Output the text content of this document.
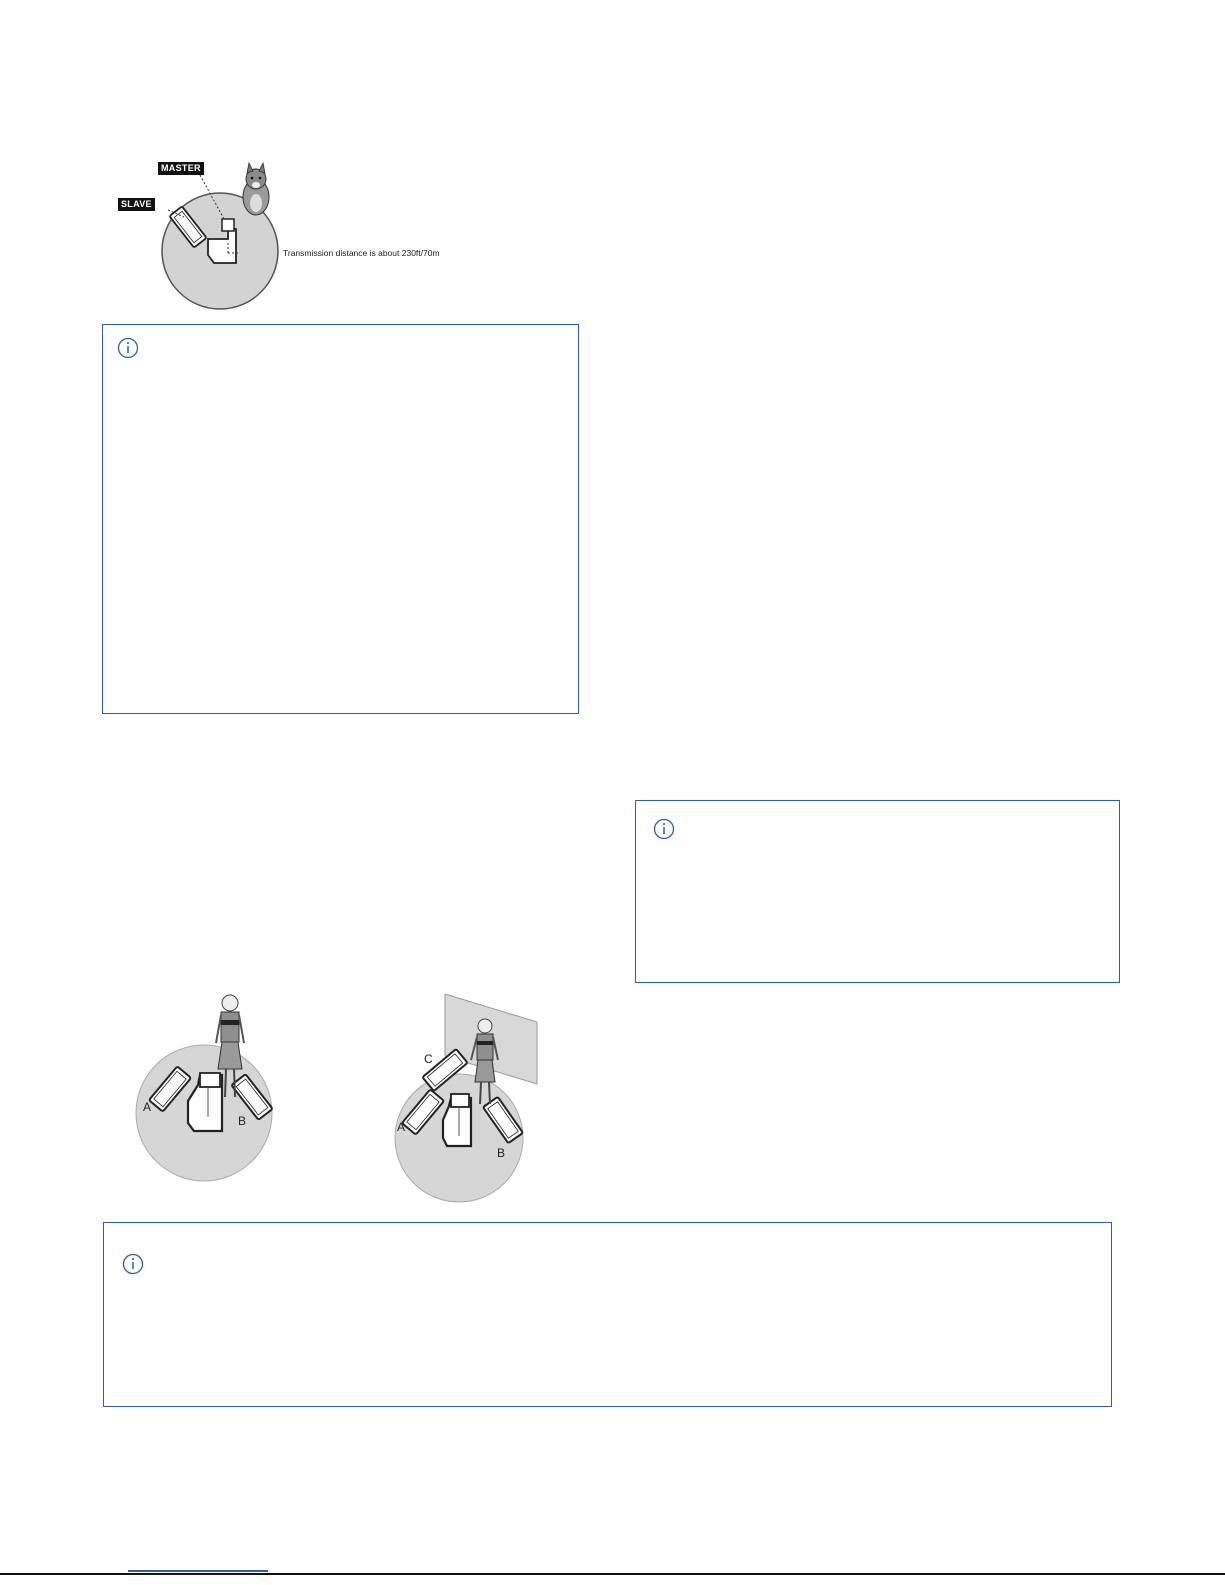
MASTER
SLAVE
Transmission distance is about 230ft/70m
A
B
C
A
B
